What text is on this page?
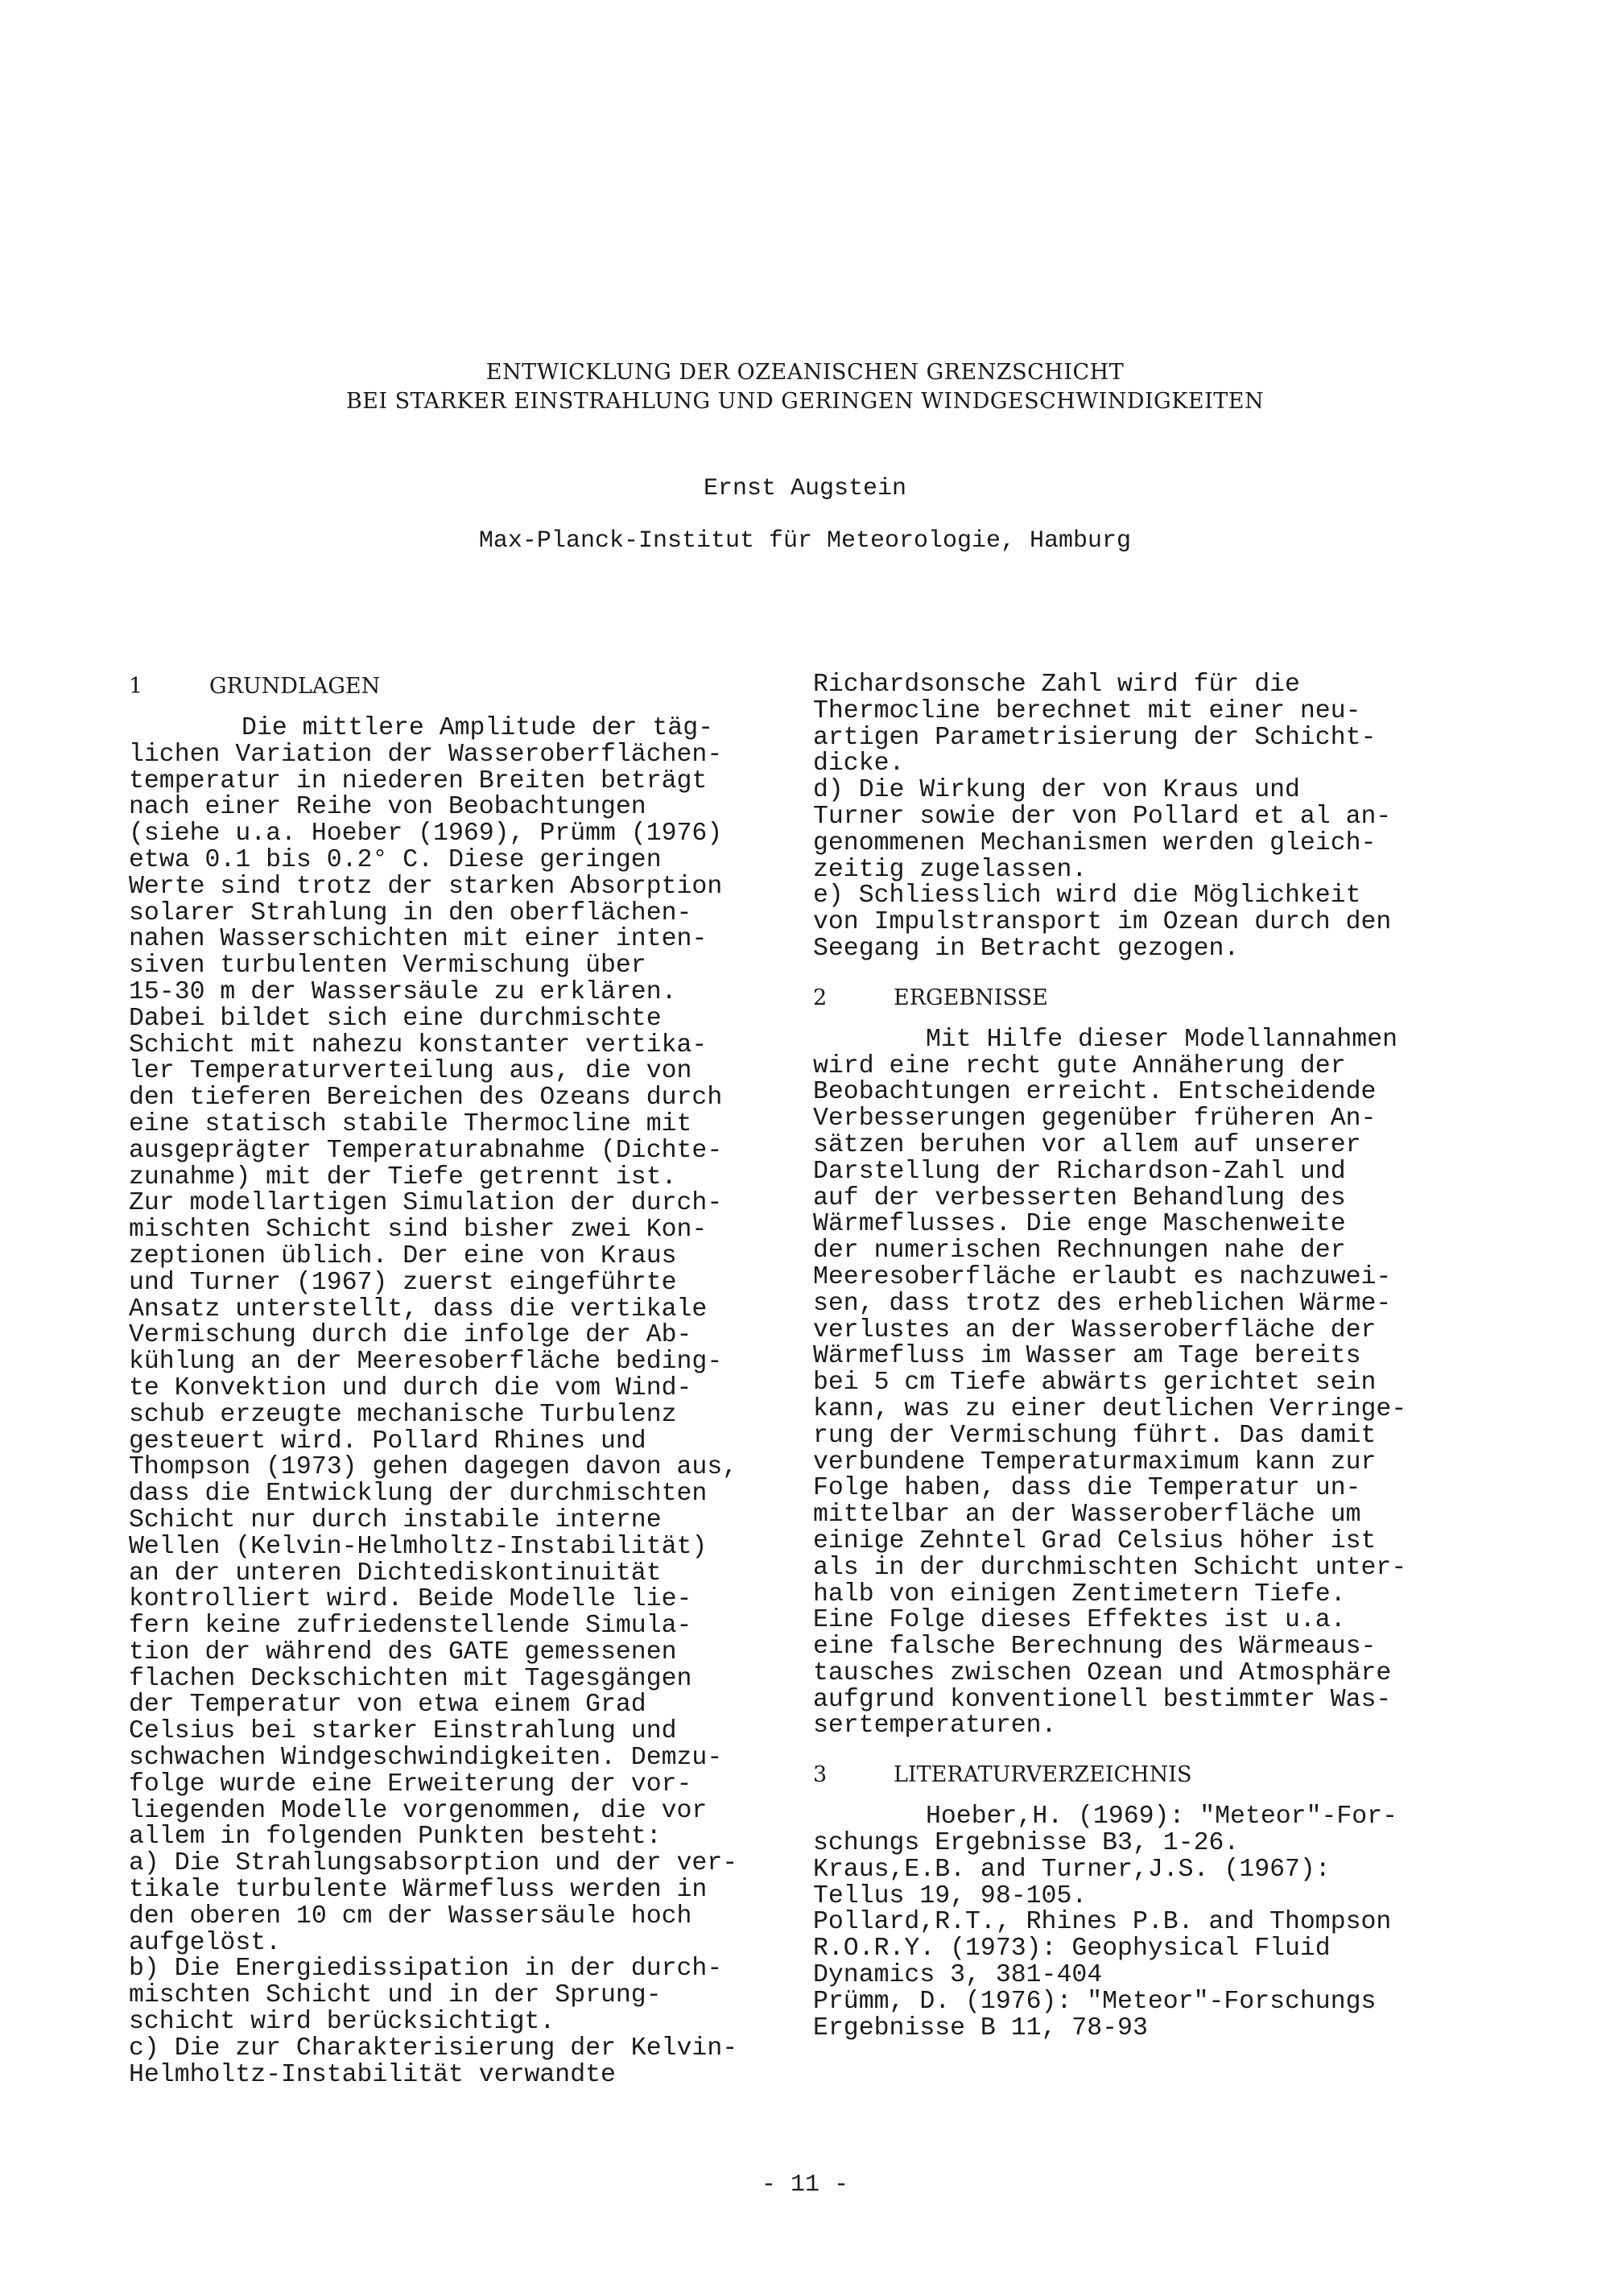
ENTWICKLUNG DER OZEANISCHEN GRENZSCHICHT
BEI STARKER EINSTRAHLUNG UND GERINGEN WINDGESCHWINDIGKEITEN
Ernst Augstein
Max-Planck-Institut für Meteorologie, Hamburg
1	GRUNDLAGEN
Die mittlere Amplitude der täg-
lichen Variation der Wasseroberflächen-
temperatur in niederen Breiten beträgt
nach einer Reihe von Beobachtungen
(siehe u.a. Hoeber (1969), Prümm (1976)
etwa 0.1 bis 0.2° C. Diese geringen
Werte sind trotz der starken Absorption
solarer Strahlung in den oberflächen-
nahen Wasserschichten mit einer inten-
siven turbulenten Vermischung über
15-30 m der Wassersäule zu erklären.
Dabei bildet sich eine durchmischte
Schicht mit nahezu konstanter vertika-
ler Temperaturverteilung aus, die von
den tieferen Bereichen des Ozeans durch
eine statisch stabile Thermocline mit
ausgeprägter Temperaturabnahme (Dichte-
zunahme) mit der Tiefe getrennt ist.
Zur modellartigen Simulation der durch-
mischten Schicht sind bisher zwei Kon-
zeptionen üblich. Der eine von Kraus
und Turner (1967) zuerst eingeführte
Ansatz unterstellt, dass die vertikale
Vermischung durch die infolge der Ab-
kühlung an der Meeresoberfläche beding-
te Konvektion und durch die vom Wind-
schub erzeugte mechanische Turbulenz
gesteuert wird. Pollard Rhines und
Thompson (1973) gehen dagegen davon aus,
dass die Entwicklung der durchmischten
Schicht nur durch instabile interne
Wellen (Kelvin-Helmholtz-Instabilität)
an der unteren Dichtediskontinuität
kontrolliert wird. Beide Modelle lie-
fern keine zufriedenstellende Simula-
tion der während des GATE gemessenen
flachen Deckschichten mit Tagesgängen
der Temperatur von etwa einem Grad
Celsius bei starker Einstrahlung und
schwachen Windgeschwindigkeiten. Demzu-
folge wurde eine Erweiterung der vor-
liegenden Modelle vorgenommen, die vor
allem in folgenden Punkten besteht:
a) Die Strahlungsabsorption und der ver-
tikale turbulente Wärmefluss werden in
den oberen 10 cm der Wassersäule hoch
aufgelöst.
b) Die Energiedissipation in der durch-
mischten Schicht und in der Sprung-
schicht wird berücksichtigt.
c) Die zur Charakterisierung der Kelvin-
Helmholtz-Instabilität verwandte
Richardsonsche Zahl wird für die
Thermocline berechnet mit einer neu-
artigen Parametrisierung der Schicht-
dicke.
d) Die Wirkung der von Kraus und
Turner sowie der von Pollard et al an-
genommenen Mechanismen werden gleich-
zeitig zugelassen.
e) Schliesslich wird die Möglichkeit
von Impulstransport im Ozean durch den
Seegang in Betracht gezogen.
2	ERGEBNISSE
Mit Hilfe dieser Modellannahmen
wird eine recht gute Annäherung der
Beobachtungen erreicht. Entscheidende
Verbesserungen gegenüber früheren An-
sätzen beruhen vor allem auf unserer
Darstellung der Richardson-Zahl und
auf der verbesserten Behandlung des
Wärmeflusses. Die enge Maschenweite
der numerischen Rechnungen nahe der
Meeresoberfläche erlaubt es nachzuwei-
sen, dass trotz des erheblichen Wärme-
verlustes an der Wasseroberfläche der
Wärmefluss im Wasser am Tage bereits
bei 5 cm Tiefe abwärts gerichtet sein
kann, was zu einer deutlichen Verringe-
rung der Vermischung führt. Das damit
verbundene Temperaturmaximum kann zur
Folge haben, dass die Temperatur un-
mittelbar an der Wasseroberfläche um
einige Zehntel Grad Celsius höher ist
als in der durchmischten Schicht unter-
halb von einigen Zentimetern Tiefe.
Eine Folge dieses Effektes ist u.a.
eine falsche Berechnung des Wärmeaus-
tausches zwischen Ozean und Atmosphäre
aufgrund konventionell bestimmter Was-
sertemperaturen.
3	LITERATURVERZEICHNIS
Hoeber,H. (1969): "Meteor"-For-
schungs Ergebnisse B3, 1-26.
Kraus,E.B. and Turner,J.S. (1967):
Tellus 19, 98-105.
Pollard,R.T., Rhines P.B. and Thompson
R.O.R.Y. (1973): Geophysical Fluid
Dynamics 3, 381-404
Prümm, D. (1976): "Meteor"-Forschungs
Ergebnisse B 11, 78-93
- 11 -
